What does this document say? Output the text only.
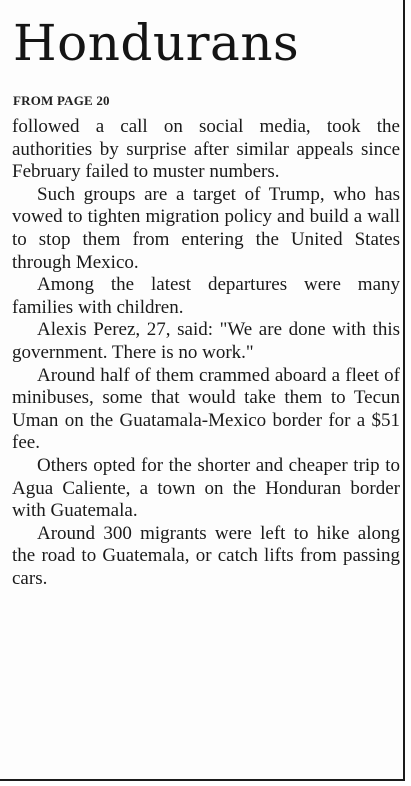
Hondurans
FROM PAGE 20

followed a call on social media, took the authorities by surprise after similar appeals since February failed to muster numbers.

Such groups are a target of Trump, who has vowed to tighten migration policy and build a wall to stop them from entering the United States through Mexico.

Among the latest departures were many families with children.

Alexis Perez, 27, said: "We are done with this government. There is no work."

Around half of them crammed aboard a fleet of minibuses, some that would take them to Tecun Uman on the Guatamala-Mexico border for a $51 fee.

Others opted for the shorter and cheaper trip to Agua Caliente, a town on the Honduran border with Guatemala.

Around 300 migrants were left to hike along the road to Guatemala, or catch lifts from passing cars.
